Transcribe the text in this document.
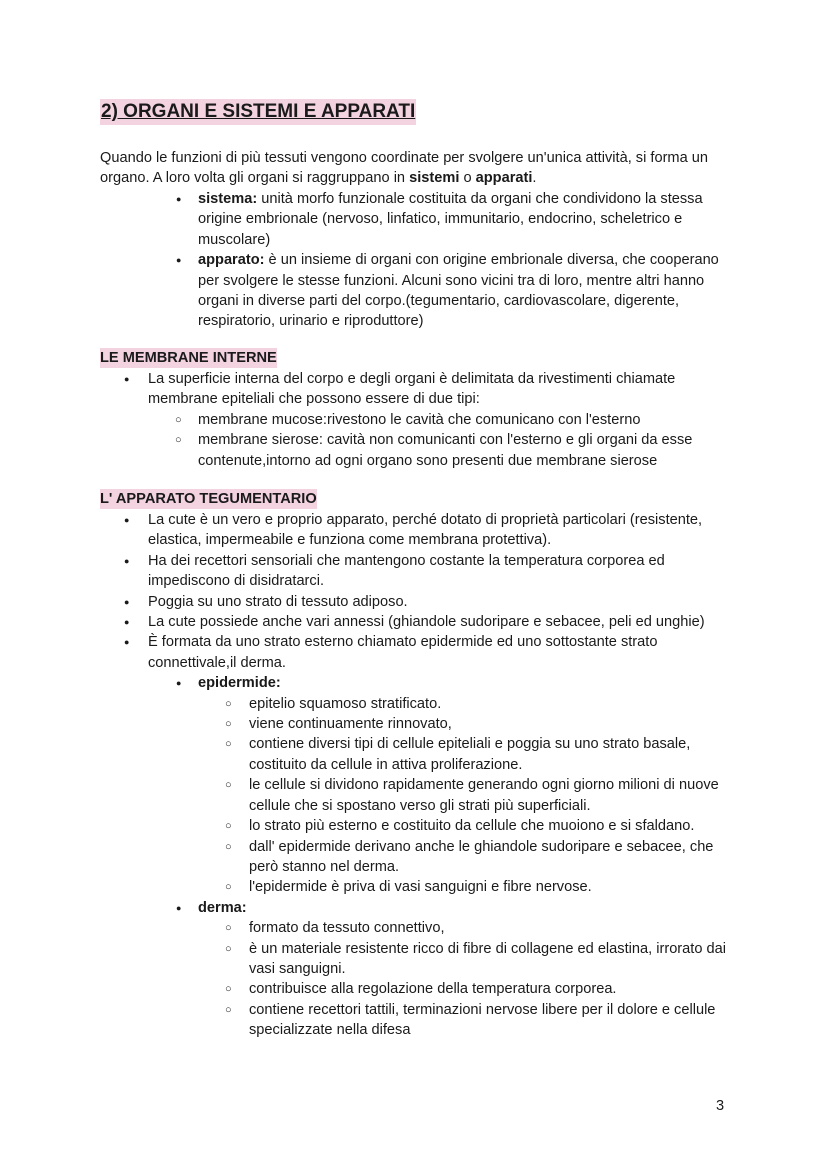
2) ORGANI E SISTEMI E APPARATI
Quando le funzioni di più tessuti vengono coordinate per svolgere un'unica attività, si forma un organo. A loro volta gli organi si raggruppano in sistemi o apparati.
● sistema: unità morfo funzionale costituita da organi che condividono la stessa origine embrionale (nervoso, linfatico, immunitario, endocrino, scheletrico e muscolare)
● apparato: è un insieme di organi con origine embrionale diversa, che cooperano per svolgere le stesse funzioni. Alcuni sono vicini tra di loro, mentre altri hanno organi in diverse parti del corpo.(tegumentario, cardiovascolare, digerente, respiratorio, urinario e riproduttore)
LE MEMBRANE INTERNE
● La superficie interna del corpo e degli organi è delimitata da rivestimenti chiamate membrane epiteliali che possono essere di due tipi:
○ membrane mucose:rivestono le cavità che comunicano con l'esterno
○ membrane sierose: cavità non comunicanti con l'esterno e gli organi da esse contenute,intorno ad ogni organo sono presenti due membrane sierose
L' APPARATO TEGUMENTARIO
● La cute è un vero e proprio apparato, perché dotato di proprietà particolari (resistente, elastica, impermeabile e funziona come membrana protettiva).
● Ha dei recettori sensoriali che mantengono costante la temperatura corporea ed impediscono di disidratarci.
● Poggia su uno strato di tessuto adiposo.
● La cute possiede anche vari annessi (ghiandole sudoripare e sebacee, peli ed unghie)
● È formata da uno strato esterno chiamato epidermide ed uno sottostante strato connettivale,il derma.
● epidermide:
○ epitelio squamoso stratificato.
○ viene continuamente rinnovato,
○ contiene diversi tipi di cellule epiteliali e poggia su uno strato basale, costituito da cellule in attiva proliferazione.
○ le cellule si dividono rapidamente generando ogni giorno milioni di nuove cellule che si spostano verso gli strati più superficiali.
○ lo strato più esterno e costituito da cellule che muoiono e si sfaldano.
○ dall' epidermide derivano anche le ghiandole sudoripare e sebacee, che però stanno nel derma.
○ l'epidermide è priva di vasi sanguigni e fibre nervose.
● derma:
○ formato da tessuto connettivo,
○ è un materiale resistente ricco di fibre di collagene ed elastina, irrorato dai vasi sanguigni.
○ contribuisce alla regolazione della temperatura corporea.
○ contiene recettori tattili, terminazioni nervose libere per il dolore e cellule specializzate nella difesa
3
